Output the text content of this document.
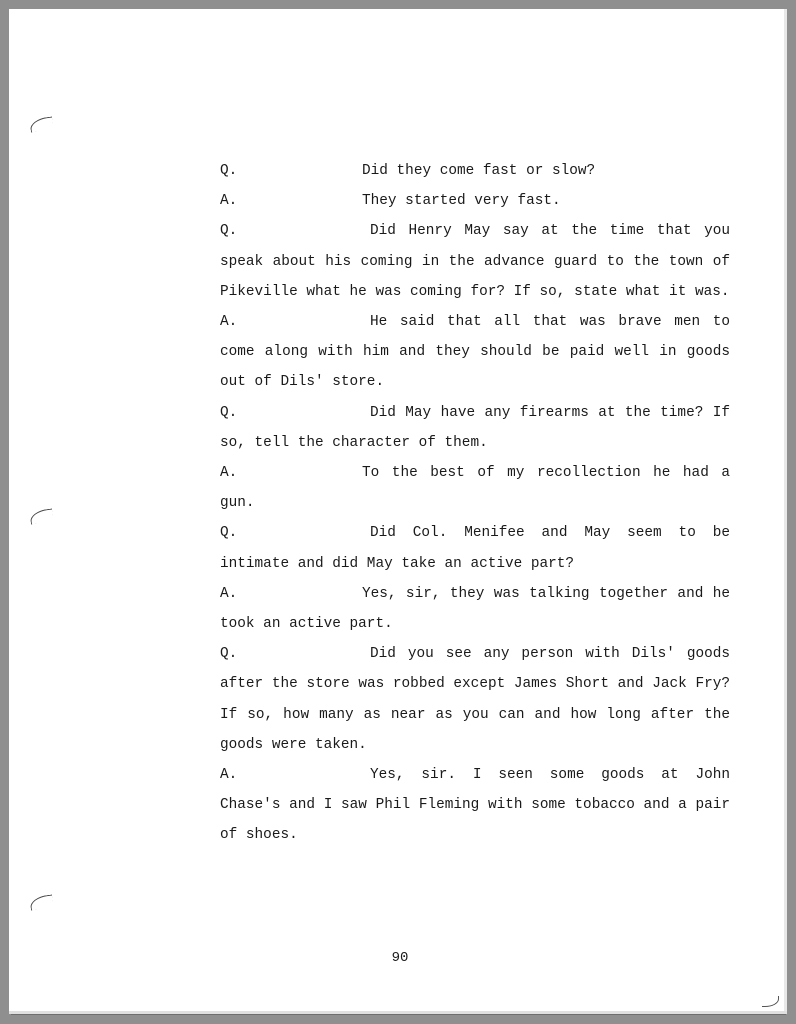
Q.	Did they come fast or slow?
A.	They started very fast.
Q.	Did Henry May say at the time that you speak about his coming in the advance guard to the town of Pikeville what he was coming for? If so, state what it was.
A.	He said that all that was brave men to come along with him and they should be paid well in goods out of Dils' store.
Q.	Did May have any firearms at the time? If so, tell the character of them.
A.	To the best of my recollection he had a gun.
Q.	Did Col. Menifee and May seem to be intimate and did May take an active part?
A.	Yes, sir, they was talking together and he took an active part.
Q.	Did you see any person with Dils' goods after the store was robbed except James Short and Jack Fry? If so, how many as near as you can and how long after the goods were taken.
A.	Yes, sir. I seen some goods at John Chase's and I saw Phil Fleming with some tobacco and a pair of shoes.
90
